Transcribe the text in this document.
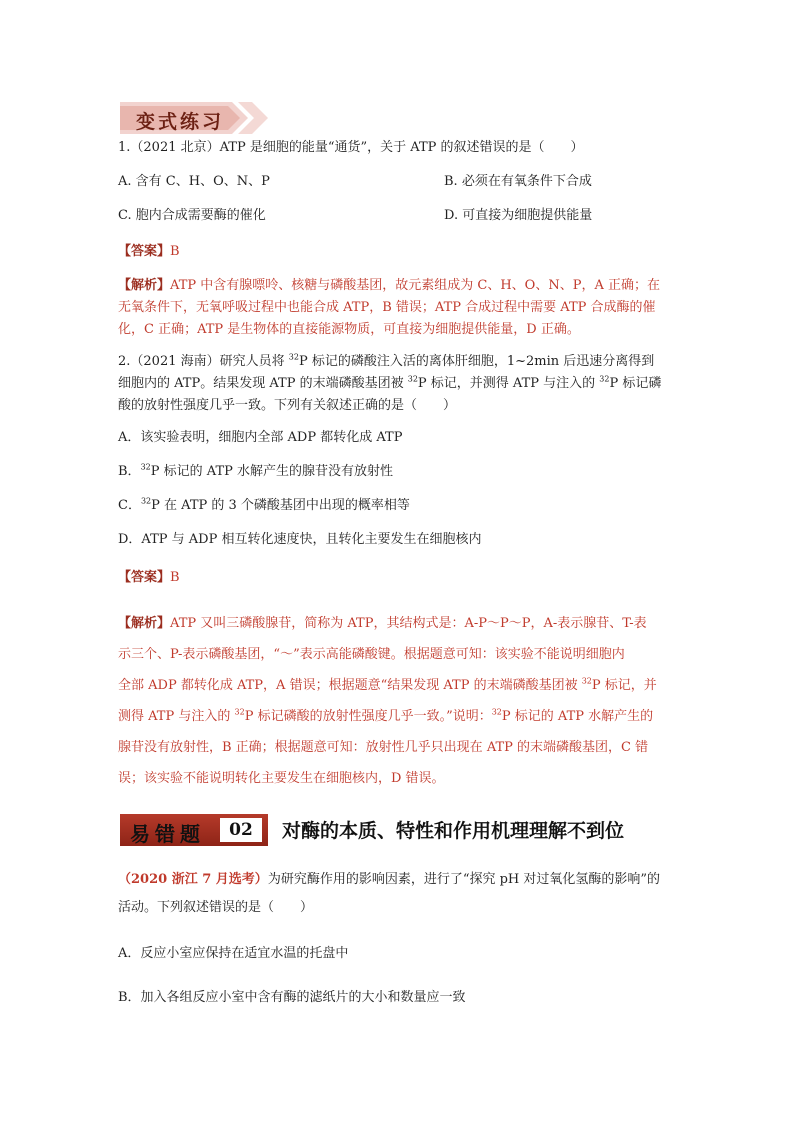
变式练习
1.（2021 北京）ATP 是细胞的能量“通货”，关于 ATP 的叙述错误的是（　　）
A. 含有 C、H、O、N、P	B. 必须在有氧条件下合成
C. 胞内合成需要酶的催化	D. 可直接为细胞提供能量
【答案】B
【解析】ATP 中含有腺嘌呤、核糖与磷酸基团，故元素组成为 C、H、O、N、P，A 正确；在
无氧条件下，无氧呼吸过程中也能合成 ATP，B 错误；ATP 合成过程中需要 ATP 合成酶的催
化，C 正确；ATP 是生物体的直接能源物质，可直接为细胞提供能量，D 正确。
2.（2021 海南）研究人员将 $^{32}$P 标记的磷酸注入活的离体肝细胞，1~2min 后迅速分离得到
细胞内的 ATP。结果发现 ATP 的末端磷酸基团被 $^{32}$P 标记，并测得 ATP 与注入的 $^{32}$P 标记磷
酸的放射性强度几乎一致。下列有关叙述正确的是（　　）
A．该实验表明，细胞内全部 ADP 都转化成 ATP
B．$^{32}$P 标记的 ATP 水解产生的腺苷没有放射性
C．$^{32}$P 在 ATP 的 3 个磷酸基团中出现的概率相等
D．ATP 与 ADP 相互转化速度快，且转化主要发生在细胞核内
【答案】B
【解析】ATP 又叫三磷酸腺苷，简称为 ATP，其结构式是：A-P～P～P，A-表示腺苷、T-表
示三个、P-表示磷酸基团，“～”表示高能磷酸键。根据题意可知：该实验不能说明细胞内
全部 ADP 都转化成 ATP，A 错误；根据题意“结果发现 ATP 的末端磷酸基团被 $^{32}$P 标记，并
测得 ATP 与注入的 $^{32}$P 标记磷酸的放射性强度几乎一致。”说明：$^{32}$P 标记的 ATP 水解产生的
腺苷没有放射性，B 正确；根据题意可知：放射性几乎只出现在 ATP 的末端磷酸基团，C 错
误；该实验不能说明转化主要发生在细胞核内，D 错误。
易错题	02	对酶的本质、特性和作用机理理解不到位
（2020 浙江 7 月选考）为研究酶作用的影响因素，进行了“探究 pH 对过氧化氢酶的影响”的
活动。下列叙述错误的是（　　）
A．反应小室应保持在适宜水温的托盘中
B．加入各组反应小室中含有酶的滤纸片的大小和数量应一致
